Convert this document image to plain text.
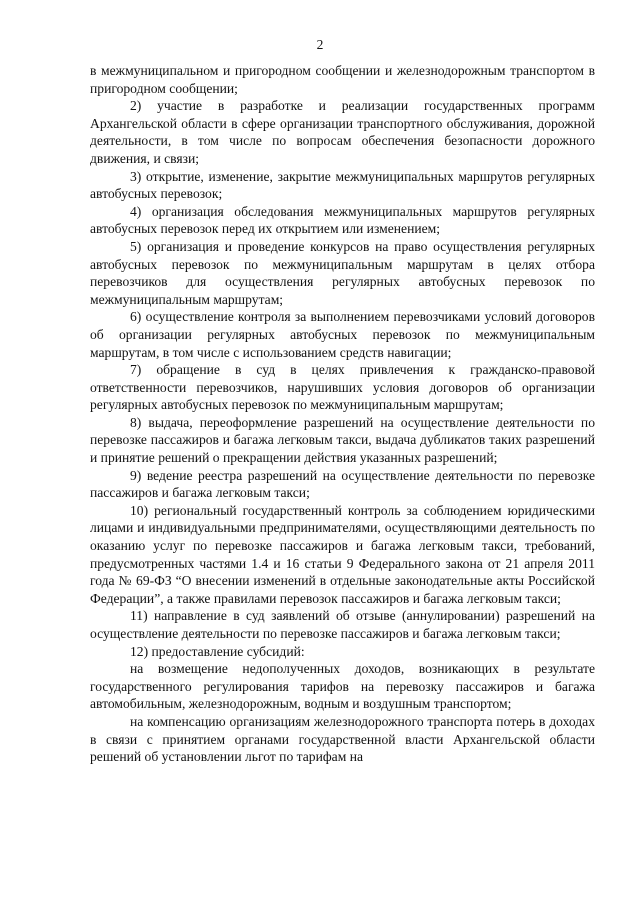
2

в межмуниципальном и пригородном сообщении и железнодорожным транспортом в пригородном сообщении;

2) участие в разработке и реализации государственных программ Архангельской области в сфере организации транспортного обслуживания, дорожной деятельности, в том числе по вопросам обеспечения безопасности дорожного движения, и связи;

3) открытие, изменение, закрытие межмуниципальных маршрутов регулярных автобусных перевозок;

4) организация обследования межмуниципальных маршрутов регулярных автобусных перевозок перед их открытием или изменением;

5) организация и проведение конкурсов на право осуществления регулярных автобусных перевозок по межмуниципальным маршрутам в целях отбора перевозчиков для осуществления регулярных автобусных перевозок по межмуниципальным маршрутам;

6) осуществление контроля за выполнением перевозчиками условий договоров об организации регулярных автобусных перевозок по межмуниципальным маршрутам, в том числе с использованием средств навигации;

7) обращение в суд в целях привлечения к гражданско-правовой ответственности перевозчиков, нарушивших условия договоров об организации регулярных автобусных перевозок по межмуниципальным маршрутам;

8) выдача, переоформление разрешений на осуществление деятельности по перевозке пассажиров и багажа легковым такси, выдача дубликатов таких разрешений и принятие решений о прекращении действия указанных разрешений;

9) ведение реестра разрешений на осуществление деятельности по перевозке пассажиров и багажа легковым такси;

10) региональный государственный контроль за соблюдением юридическими лицами и индивидуальными предпринимателями, осуществляющими деятельность по оказанию услуг по перевозке пассажиров и багажа легковым такси, требований, предусмотренных частями 1.4 и 16 статьи 9 Федерального закона от 21 апреля 2011 года № 69-ФЗ “О внесении изменений в отдельные законодательные акты Российской Федерации”, а также правилами перевозок пассажиров и багажа легковым такси;

11) направление в суд заявлений об отзыве (аннулировании) разрешений на осуществление деятельности по перевозке пассажиров и багажа легковым такси;

12) предоставление субсидий:

на возмещение недополученных доходов, возникающих в результате государственного регулирования тарифов на перевозку пассажиров и багажа автомобильным, железнодорожным, водным и воздушным транспортом;

на компенсацию организациям железнодорожного транспорта потерь в доходах в связи с принятием органами государственной власти Архангельской области решений об установлении льгот по тарифам на
